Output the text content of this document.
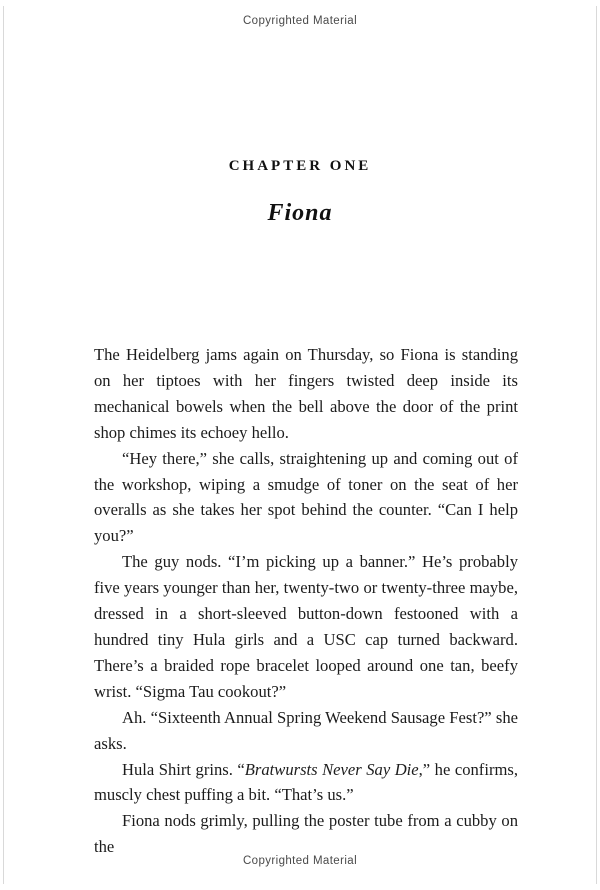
Copyrighted Material
CHAPTER ONE
Fiona

The Heidelberg jams again on Thursday, so Fiona is standing on her tiptoes with her fingers twisted deep inside its mechanical bowels when the bell above the door of the print shop chimes its echoey hello.

“Hey there,” she calls, straightening up and coming out of the workshop, wiping a smudge of toner on the seat of her overalls as she takes her spot behind the counter. “Can I help you?”

The guy nods. “I’m picking up a banner.” He’s probably five years younger than her, twenty-two or twenty-three maybe, dressed in a short-sleeved button-down festooned with a hundred tiny Hula girls and a USC cap turned backward. There’s a braided rope bracelet looped around one tan, beefy wrist. “Sigma Tau cookout?”

Ah. “Sixteenth Annual Spring Weekend Sausage Fest?” she asks.

Hula Shirt grins. “Bratwursts Never Say Die,” he confirms, muscly chest puffing a bit. “That’s us.”

Fiona nods grimly, pulling the poster tube from a cubby on the

Copyrighted Material
